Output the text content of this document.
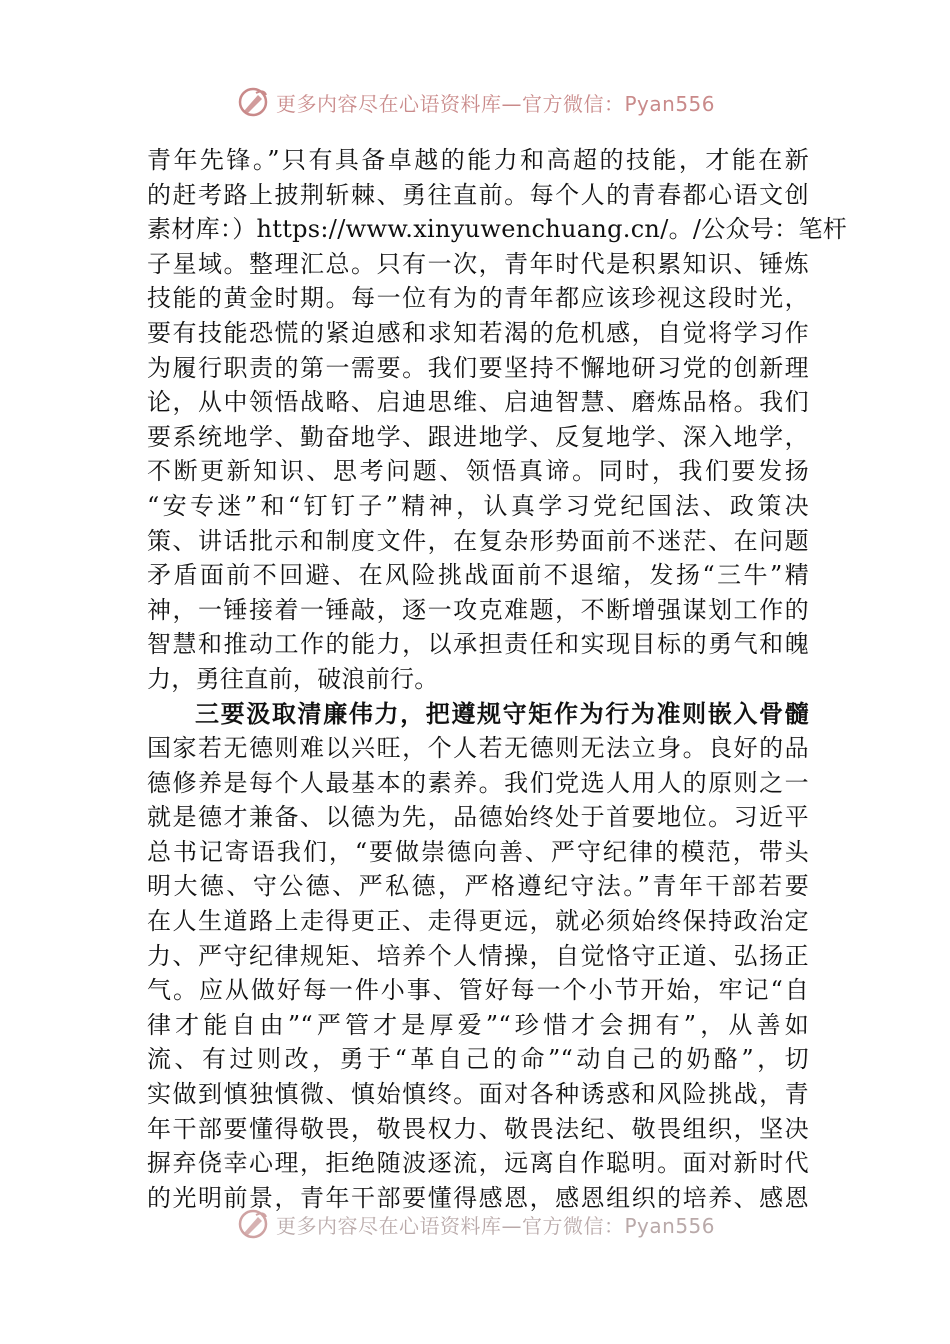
更多内容尽在心语资料库—官方微信：Pyan556
青年先锋。”只有具备卓越的能力和高超的技能，才能在新
的赶考路上披荆斩棘、勇往直前。每个人的青春都心语文创
素材库：）https://www.xinyuwenchuang.cn/。/公众号：笔杆
子星域。整理汇总。只有一次，青年时代是积累知识、锤炼
技能的黄金时期。每一位有为的青年都应该珍视这段时光，
要有技能恐慌的紧迫感和求知若渴的危机感，自觉将学习作
为履行职责的第一需要。我们要坚持不懈地研习党的创新理
论，从中领悟战略、启迪思维、启迪智慧、磨炼品格。我们
要系统地学、勤奋地学、跟进地学、反复地学、深入地学，
不断更新知识、思考问题、领悟真谛。同时，我们要发扬
“安专迷”和“钉钉子”精神，认真学习党纪国法、政策决
策、讲话批示和制度文件，在复杂形势面前不迷茫、在问题
矛盾面前不回避、在风险挑战面前不退缩，发扬“三牛”精
神，一锤接着一锤敲，逐一攻克难题，不断增强谋划工作的
智慧和推动工作的能力，以承担责任和实现目标的勇气和魄
力，勇往直前，破浪前行。
三要汲取清廉伟力，把遵规守矩作为行为准则嵌入骨髓
国家若无德则难以兴旺，个人若无德则无法立身。良好的品
德修养是每个人最基本的素养。我们党选人用人的原则之一
就是德才兼备、以德为先，品德始终处于首要地位。习近平
总书记寄语我们，“要做崇德向善、严守纪律的模范，带头
明大德、守公德、严私德，严格遵纪守法。”青年干部若要
在人生道路上走得更正、走得更远，就必须始终保持政治定
力、严守纪律规矩、培养个人情操，自觉恪守正道、弘扬正
气。应从做好每一件小事、管好每一个小节开始，牢记“自
律才能自由”“严管才是厚爱”“珍惜才会拥有”，从善如
流、有过则改，勇于“革自己的命”“动自己的奶酪”，切
实做到慎独慎微、慎始慎终。面对各种诱惑和风险挑战，青
年干部要懂得敬畏，敬畏权力、敬畏法纪、敬畏组织，坚决
摒弃侥幸心理，拒绝随波逐流，远离自作聪明。面对新时代
的光明前景，青年干部要懂得感恩，感恩组织的培养、感恩
更多内容尽在心语资料库—官方微信：Pyan556
